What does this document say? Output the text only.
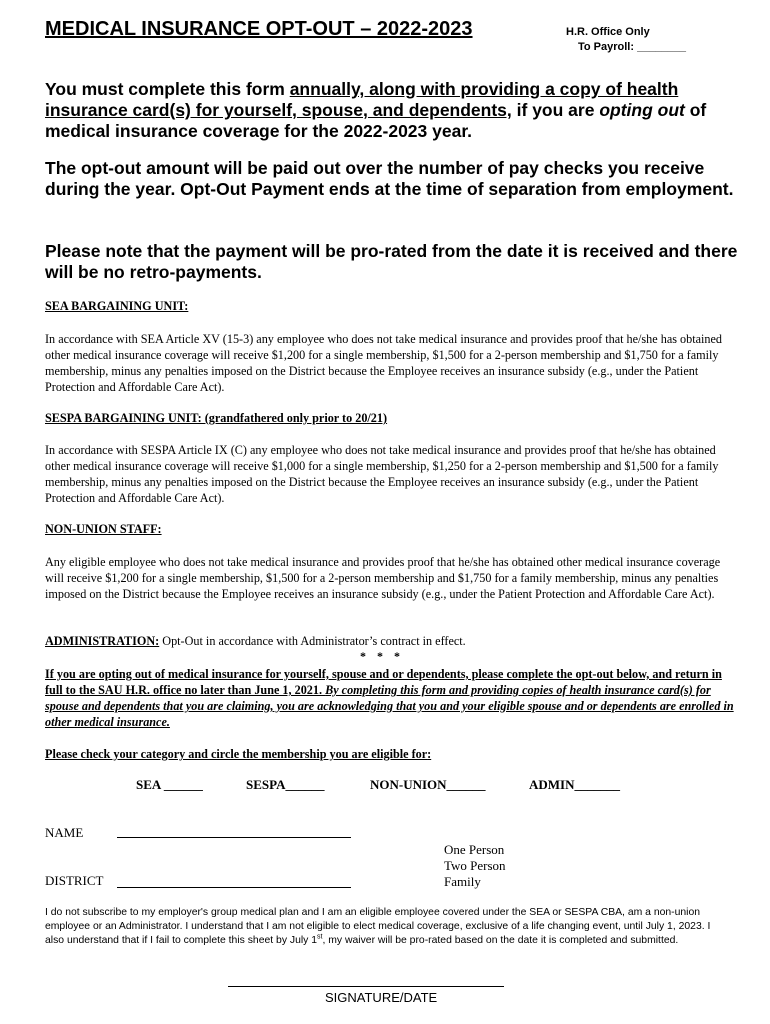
MEDICAL INSURANCE OPT-OUT – 2022-2023	H.R. Office Only
To Payroll: ________
You must complete this form annually, along with providing a copy of health insurance card(s) for yourself, spouse, and dependents, if you are opting out of medical insurance coverage for the 2022-2023 year.
The opt-out amount will be paid out over the number of pay checks you receive during the year. Opt-Out Payment ends at the time of separation from employment.
Please note that the payment will be pro-rated from the date it is received and there will be no retro-payments.
SEA BARGAINING UNIT:
In accordance with SEA Article XV (15-3) any employee who does not take medical insurance and provides proof that he/she has obtained other medical insurance coverage will receive $1,200 for a single membership, $1,500 for a 2-person membership and $1,750 for a family membership, minus any penalties imposed on the District because the Employee receives an insurance subsidy (e.g., under the Patient Protection and Affordable Care Act).
SESPA BARGAINING UNIT: (grandfathered only prior to 20/21)
In accordance with SESPA Article IX (C) any employee who does not take medical insurance and provides proof that he/she has obtained other medical insurance coverage will receive $1,000 for a single membership, $1,250 for a 2-person membership and $1,500 for a family membership, minus any penalties imposed on the District because the Employee receives an insurance subsidy (e.g., under the Patient Protection and Affordable Care Act).
NON-UNION STAFF:
Any eligible employee who does not take medical insurance and provides proof that he/she has obtained other medical insurance coverage will receive $1,200 for a single membership, $1,500 for a 2-person membership and $1,750 for a family membership, minus any penalties imposed on the District because the Employee receives an insurance subsidy (e.g., under the Patient Protection and Affordable Care Act).
ADMINISTRATION: Opt-Out in accordance with Administrator’s contract in effect.
* * *
If you are opting out of medical insurance for yourself, spouse and or dependents, please complete the opt-out below, and return in full to the SAU H.R. office no later than June 1, 2021. By completing this form and providing copies of health insurance card(s) for spouse and dependents that you are claiming, you are acknowledging that you and your eligible spouse and or dependents are enrolled in other medical insurance.
Please check your category and circle the membership you are eligible for:
SEA ______	SESPA______	NON-UNION______	ADMIN_______
NAME
DISTRICT
One Person
Two Person
Family
I do not subscribe to my employer's group medical plan and I am an eligible employee covered under the SEA or SESPA CBA, am a non-union employee or an Administrator. I understand that I am not eligible to elect medical coverage, exclusive of a life changing event, until July 1, 2023. I also understand that if I fail to complete this sheet by July 1st, my waiver will be pro-rated based on the date it is completed and submitted.
SIGNATURE/DATE
